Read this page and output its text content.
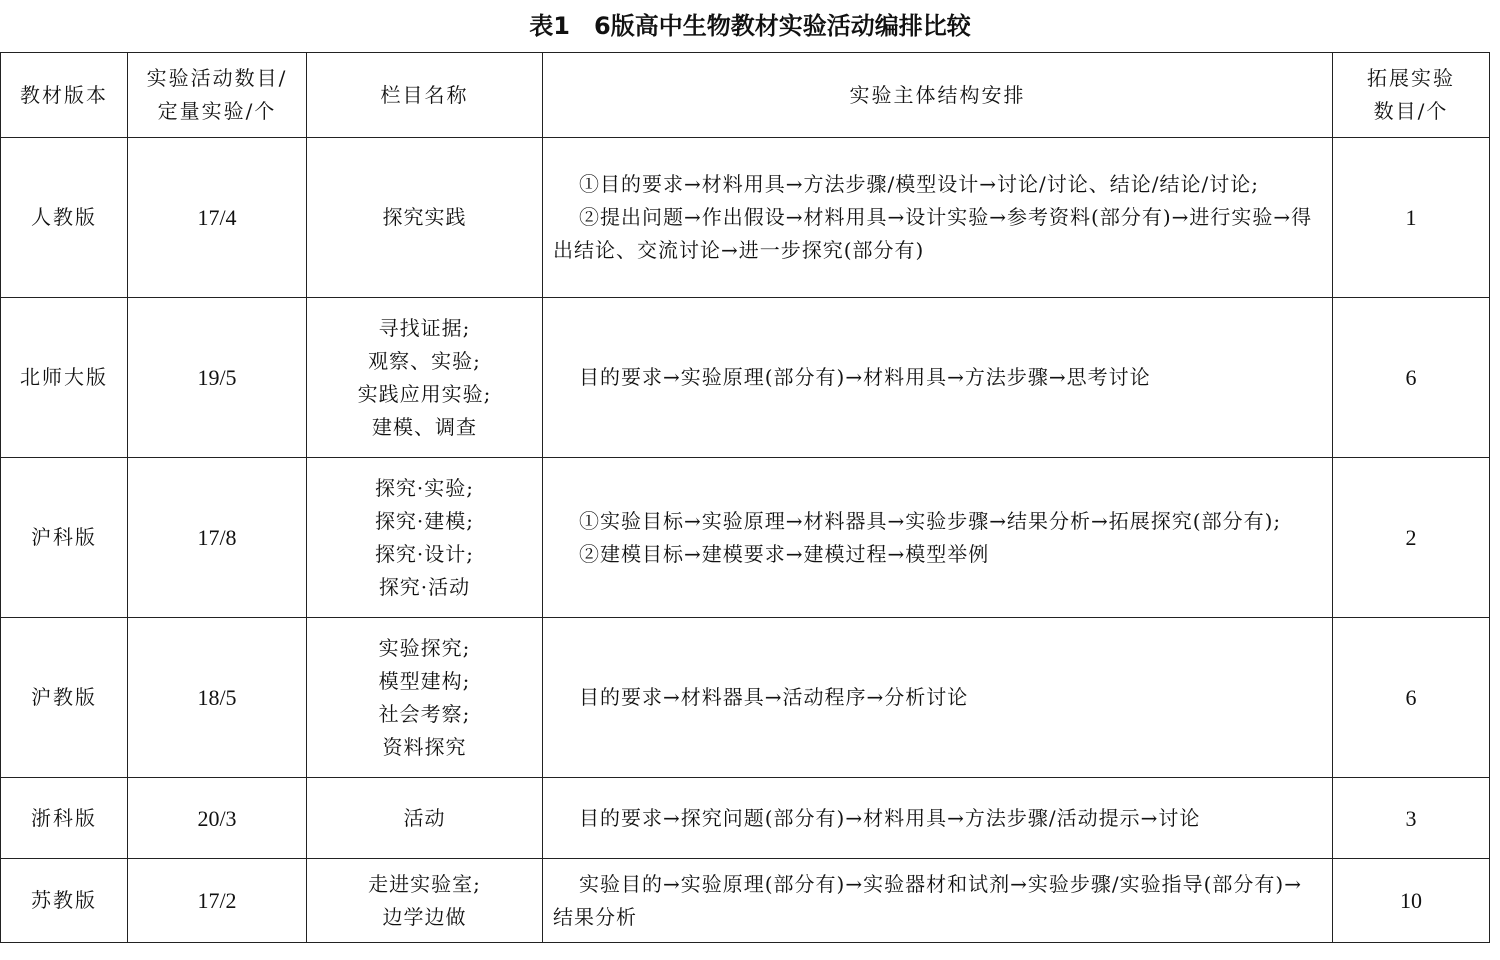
表1　6版高中生物教材实验活动编排比较
教材版本	实验活动数目/
定量实验/个	栏目名称	实验主体结构安排	拓展实验
数目/个

人教版	17/4	探究实践	①目的要求→材料用具→方法步骤/模型设计→讨论/讨论、结论/结论/讨论;
②提出问题→作出假设→材料用具→设计实验→参考资料(部分有)→进行实验→得出结论、交流讨论→进一步探究(部分有)	1
北师大版	19/5	寻找证据;
观察、实验;
实践应用实验;
建模、调查	目的要求→实验原理(部分有)→材料用具→方法步骤→思考讨论	6
沪科版	17/8	探究·实验;
探究·建模;
探究·设计;
探究·活动	①实验目标→实验原理→材料器具→实验步骤→结果分析→拓展探究(部分有);
②建模目标→建模要求→建模过程→模型举例	2
沪教版	18/5	实验探究;
模型建构;
社会考察;
资料探究	目的要求→材料器具→活动程序→分析讨论	6
浙科版	20/3	活动	目的要求→探究问题(部分有)→材料用具→方法步骤/活动提示→讨论	3
苏教版	17/2	走进实验室;
边学边做	实验目的→实验原理(部分有)→实验器材和试剂→实验步骤/实验指导(部分有)→结果分析	10
